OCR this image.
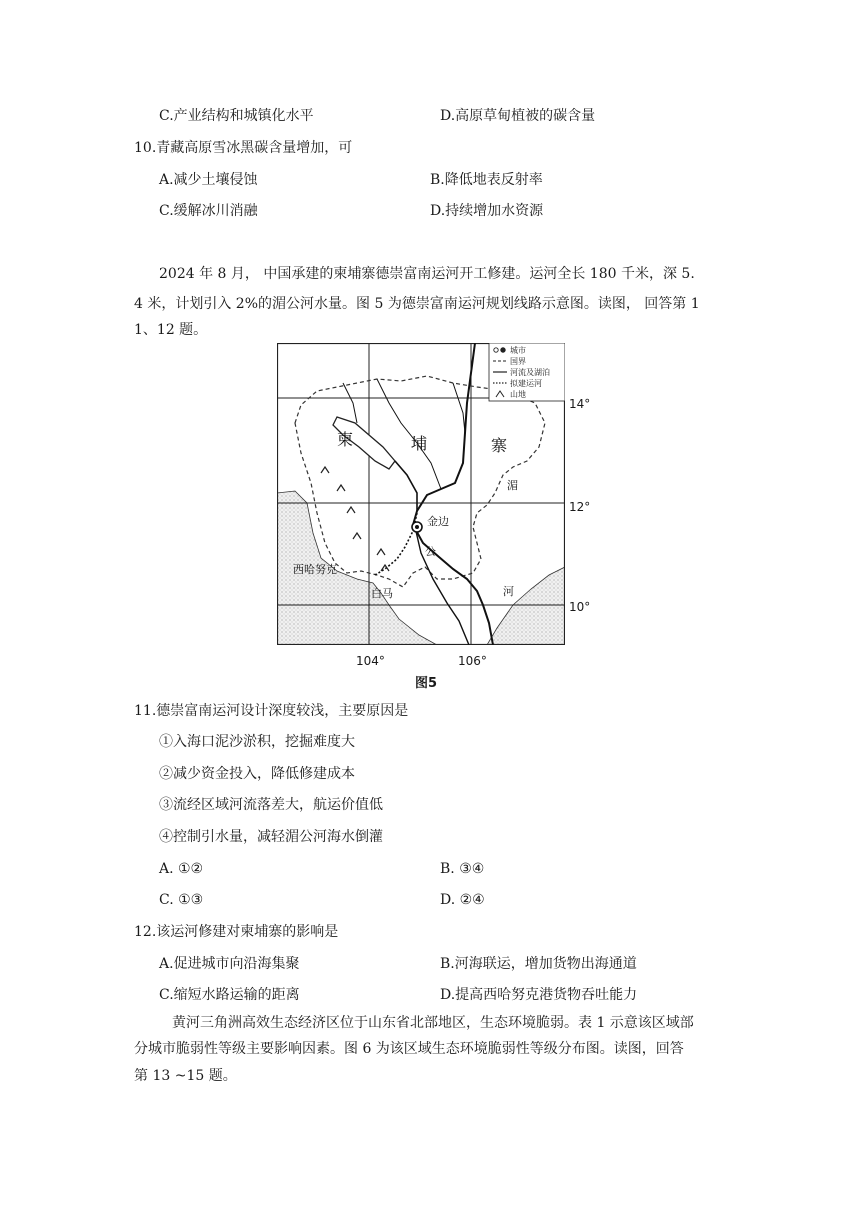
C.产业结构和城镇化水平	D.高原草甸植被的碳含量
10.青藏高原雪冰黑碳含量增加，可
A.减少土壤侵蚀	B.降低地表反射率
C.缓解冰川消融	D.持续增加水资源
2024 年 8 月， 中国承建的柬埔寨德崇富南运河开工修建。运河全长 180 千米，深 5.
4 米，计划引入 2%的湄公河水量。图 5 为德崇富南运河规划线路示意图。读图， 回答第 1
1、12 题。
城市
国界
河流及湖泊
拟建运河
山地
柬	埔	寨
湄
公
河
金边
西哈努克
白马
14°
12°
10°
104°	106°
图5
11.德崇富南运河设计深度较浅，主要原因是
①入海口泥沙淤积，挖掘难度大
②减少资金投入，降低修建成本
③流经区域河流落差大，航运价值低
④控制引水量，减轻湄公河海水倒灌
A. ①②	B. ③④
C. ①③	D. ②④
12.该运河修建对柬埔寨的影响是
A.促进城市向沿海集聚	B.河海联运，增加货物出海通道
C.缩短水路运输的距离	D.提高西哈努克港货物吞吐能力
黄河三角洲高效生态经济区位于山东省北部地区，生态环境脆弱。表 1 示意该区域部
分城市脆弱性等级主要影响因素。图 6 为该区域生态环境脆弱性等级分布图。读图，回答
第 13 ~15 题。
